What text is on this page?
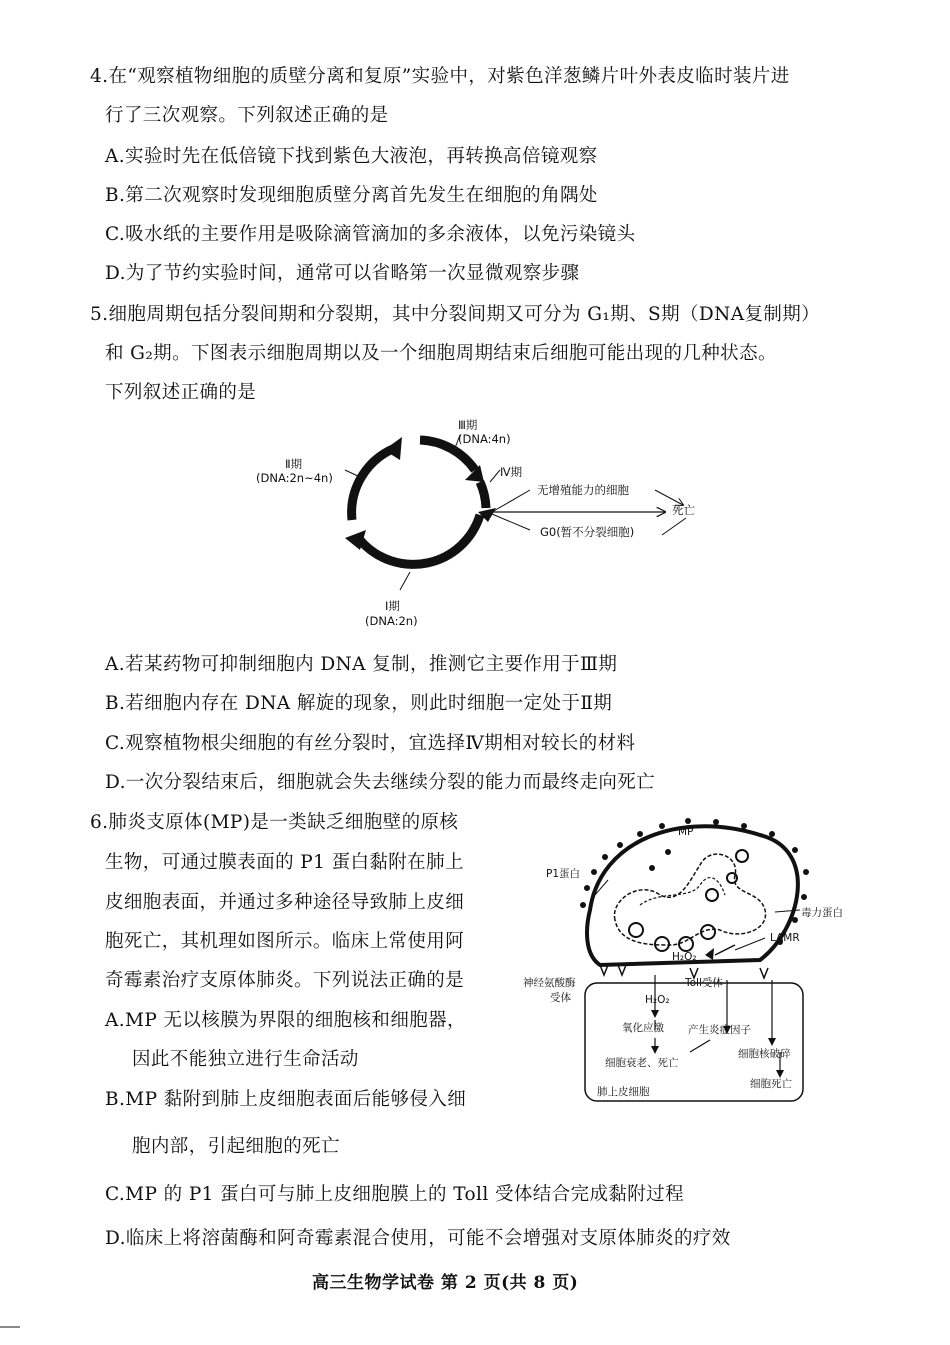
4.在“观察植物细胞的质壁分离和复原”实验中，对紫色洋葱鳞片叶外表皮临时装片进
行了三次观察。下列叙述正确的是
A.实验时先在低倍镜下找到紫色大液泡，再转换高倍镜观察
B.第二次观察时发现细胞质壁分离首先发生在细胞的角隅处
C.吸水纸的主要作用是吸除滴管滴加的多余液体，以免污染镜头
D.为了节约实验时间，通常可以省略第一次显微观察步骤
5.细胞周期包括分裂间期和分裂期，其中分裂间期又可分为 G₁期、S期（DNA复制期）
和 G₂期。下图表示细胞周期以及一个细胞周期结束后细胞可能出现的几种状态。
下列叙述正确的是
Ⅲ期
(DNA:4n)
Ⅱ期
(DNA:2n~4n)	Ⅳ期
无增殖能力的细胞
死亡
G0(暂不分裂细胞)
Ⅰ期
(DNA:2n)
A.若某药物可抑制细胞内 DNA 复制，推测它主要作用于Ⅲ期
B.若细胞内存在 DNA 解旋的现象，则此时细胞一定处于Ⅱ期
C.观察植物根尖细胞的有丝分裂时，宜选择Ⅳ期相对较长的材料
D.一次分裂结束后，细胞就会失去继续分裂的能力而最终走向死亡
6.肺炎支原体(MP)是一类缺乏细胞壁的原核
生物，可通过膜表面的 P1 蛋白黏附在肺上
皮细胞表面，并通过多种途径导致肺上皮细
胞死亡，其机理如图所示。临床上常使用阿
奇霉素治疗支原体肺炎。下列说法正确的是
A.MP 无以核膜为界限的细胞核和细胞器，
因此不能独立进行生命活动
B.MP 黏附到肺上皮细胞表面后能够侵入细
胞内部，引起细胞的死亡
C.MP 的 P1 蛋白可与肺上皮细胞膜上的 Toll 受体结合完成黏附过程
D.临床上将溶菌酶和阿奇霉素混合使用，可能不会增强对支原体肺炎的疗效
MP
P1蛋白
毒力蛋白
H₂O₂
LAMR
神经氨酸酶
受体
Toll受体
H₂O₂
氧化应激 产生炎症因子
细胞衰老、死亡
细胞核破碎
细胞死亡
肺上皮细胞
高三生物学试卷 第 2 页(共 8 页)
